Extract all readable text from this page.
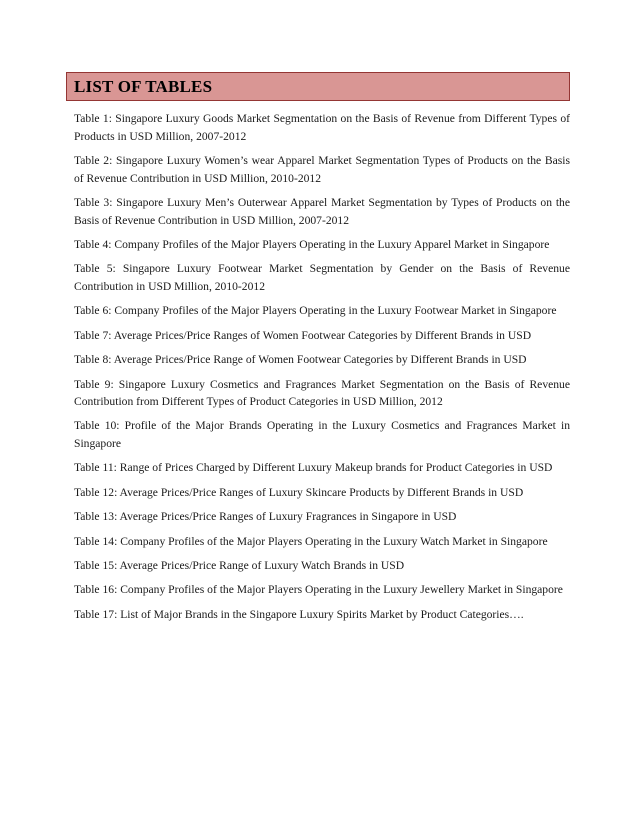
LIST OF TABLES

Table 1: Singapore Luxury Goods Market Segmentation on the Basis of Revenue from Different Types of Products in USD Million, 2007-2012

Table 2: Singapore Luxury Women’s wear Apparel Market Segmentation Types of Products on the Basis of Revenue Contribution in USD Million, 2010-2012

Table 3: Singapore Luxury Men’s Outerwear Apparel Market Segmentation by Types of Products on the Basis of Revenue Contribution in USD Million, 2007-2012

Table 4: Company Profiles of the Major Players Operating in the Luxury Apparel Market in Singapore

Table 5: Singapore Luxury Footwear Market Segmentation by Gender on the Basis of Revenue Contribution in USD Million, 2010-2012

Table 6: Company Profiles of the Major Players Operating in the Luxury Footwear Market in Singapore

Table 7: Average Prices/Price Ranges of Women Footwear Categories by Different Brands in USD

Table 8: Average Prices/Price Range of Women Footwear Categories by Different Brands in USD

Table 9: Singapore Luxury Cosmetics and Fragrances Market Segmentation on the Basis of Revenue Contribution from Different Types of Product Categories in USD Million, 2012

Table 10: Profile of the Major Brands Operating in the Luxury Cosmetics and Fragrances Market in Singapore

Table 11: Range of Prices Charged by Different Luxury Makeup brands for Product Categories in USD

Table 12: Average Prices/Price Ranges of Luxury Skincare Products by Different Brands in USD

Table 13: Average Prices/Price Ranges of Luxury Fragrances in Singapore in USD

Table 14: Company Profiles of the Major Players Operating in the Luxury Watch Market in Singapore

Table 15: Average Prices/Price Range of Luxury Watch Brands in USD

Table 16: Company Profiles of the Major Players Operating in the Luxury Jewellery Market in Singapore

Table 17: List of Major Brands in the Singapore Luxury Spirits Market by Product Categories….
